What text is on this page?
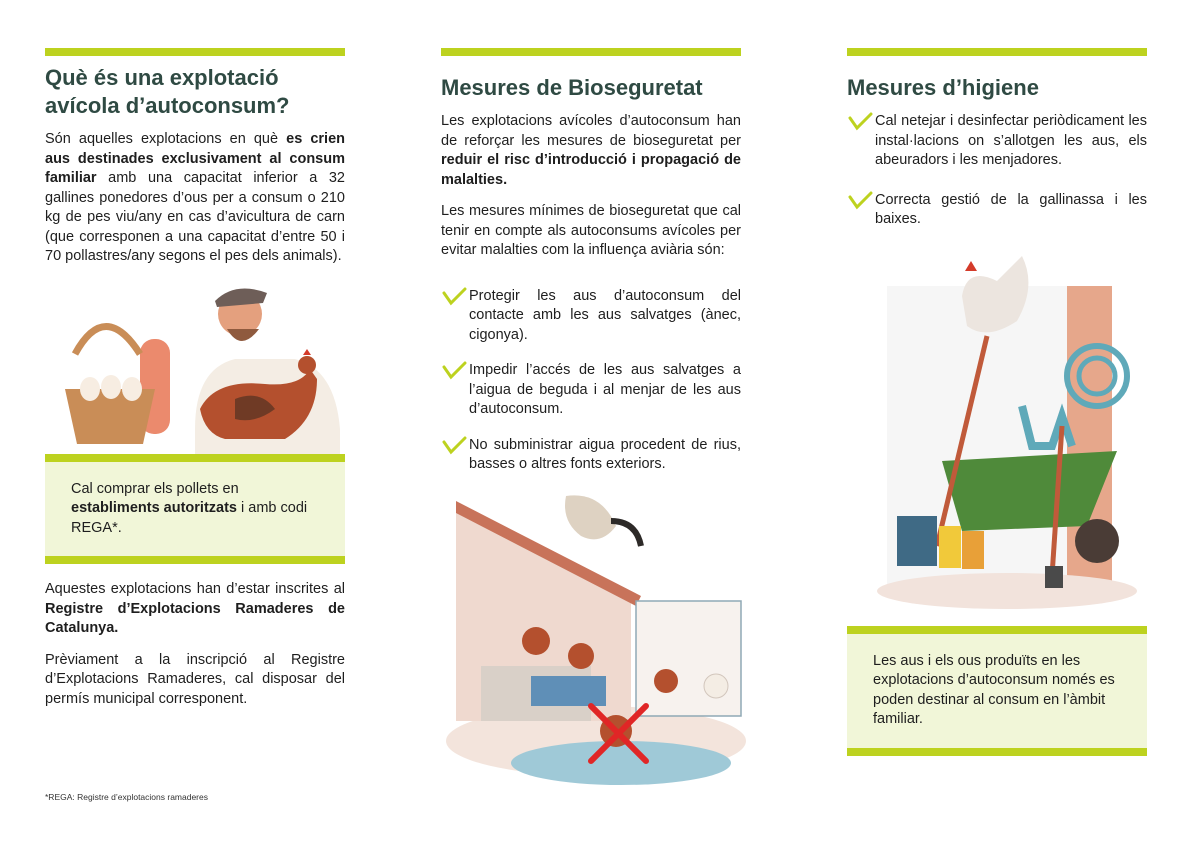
Què és una explotació avícola d’autoconsum?

Són aquelles explotacions en què es crien aus destinades exclusivament al consum familiar amb una capacitat inferior a 32 gallines ponedores d’ous per a consum o 210 kg de pes viu/any en cas d’avicultura de carn (que corresponen a una capacitat d’entre 50 i 70 pollastres/any segons el pes dels animals).

Cal comprar els pollets en establiments autoritzats i amb codi REGA*.

Aquestes explotacions han d’estar inscrites al Registre d’Explotacions Ramaderes de Catalunya.

Prèviament a la inscripció al Registre d’Explotacions Ramaderes, cal disposar del permís municipal corresponent.

*REGA: Registre d’explotacions ramaderes
Mesures de Bioseguretat

Les explotacions avícoles d’autoconsum han de reforçar les mesures de bioseguretat per reduir el risc d’introducció i propagació de malalties.

Les mesures mínimes de bioseguretat que cal tenir en compte als autoconsums avícoles per evitar malalties com la influença aviària són:

Protegir les aus d’autoconsum del contacte amb les aus salvatges (ànec, cigonya).

Impedir l’accés de les aus salvatges a l’aigua de beguda i al menjar de les aus d’autoconsum.

No subministrar aigua procedent de rius, basses o altres fonts exteriors.

Mesures d’higiene

Cal netejar i desinfectar periòdicament les instal·lacions on s’allotgen les aus, els abeuradors i les menjadores.

Correcta gestió de la gallinassa i les baixes.

Les aus i els ous produïts en les explotacions d’autoconsum només es poden destinar al consum en l’àmbit familiar.
